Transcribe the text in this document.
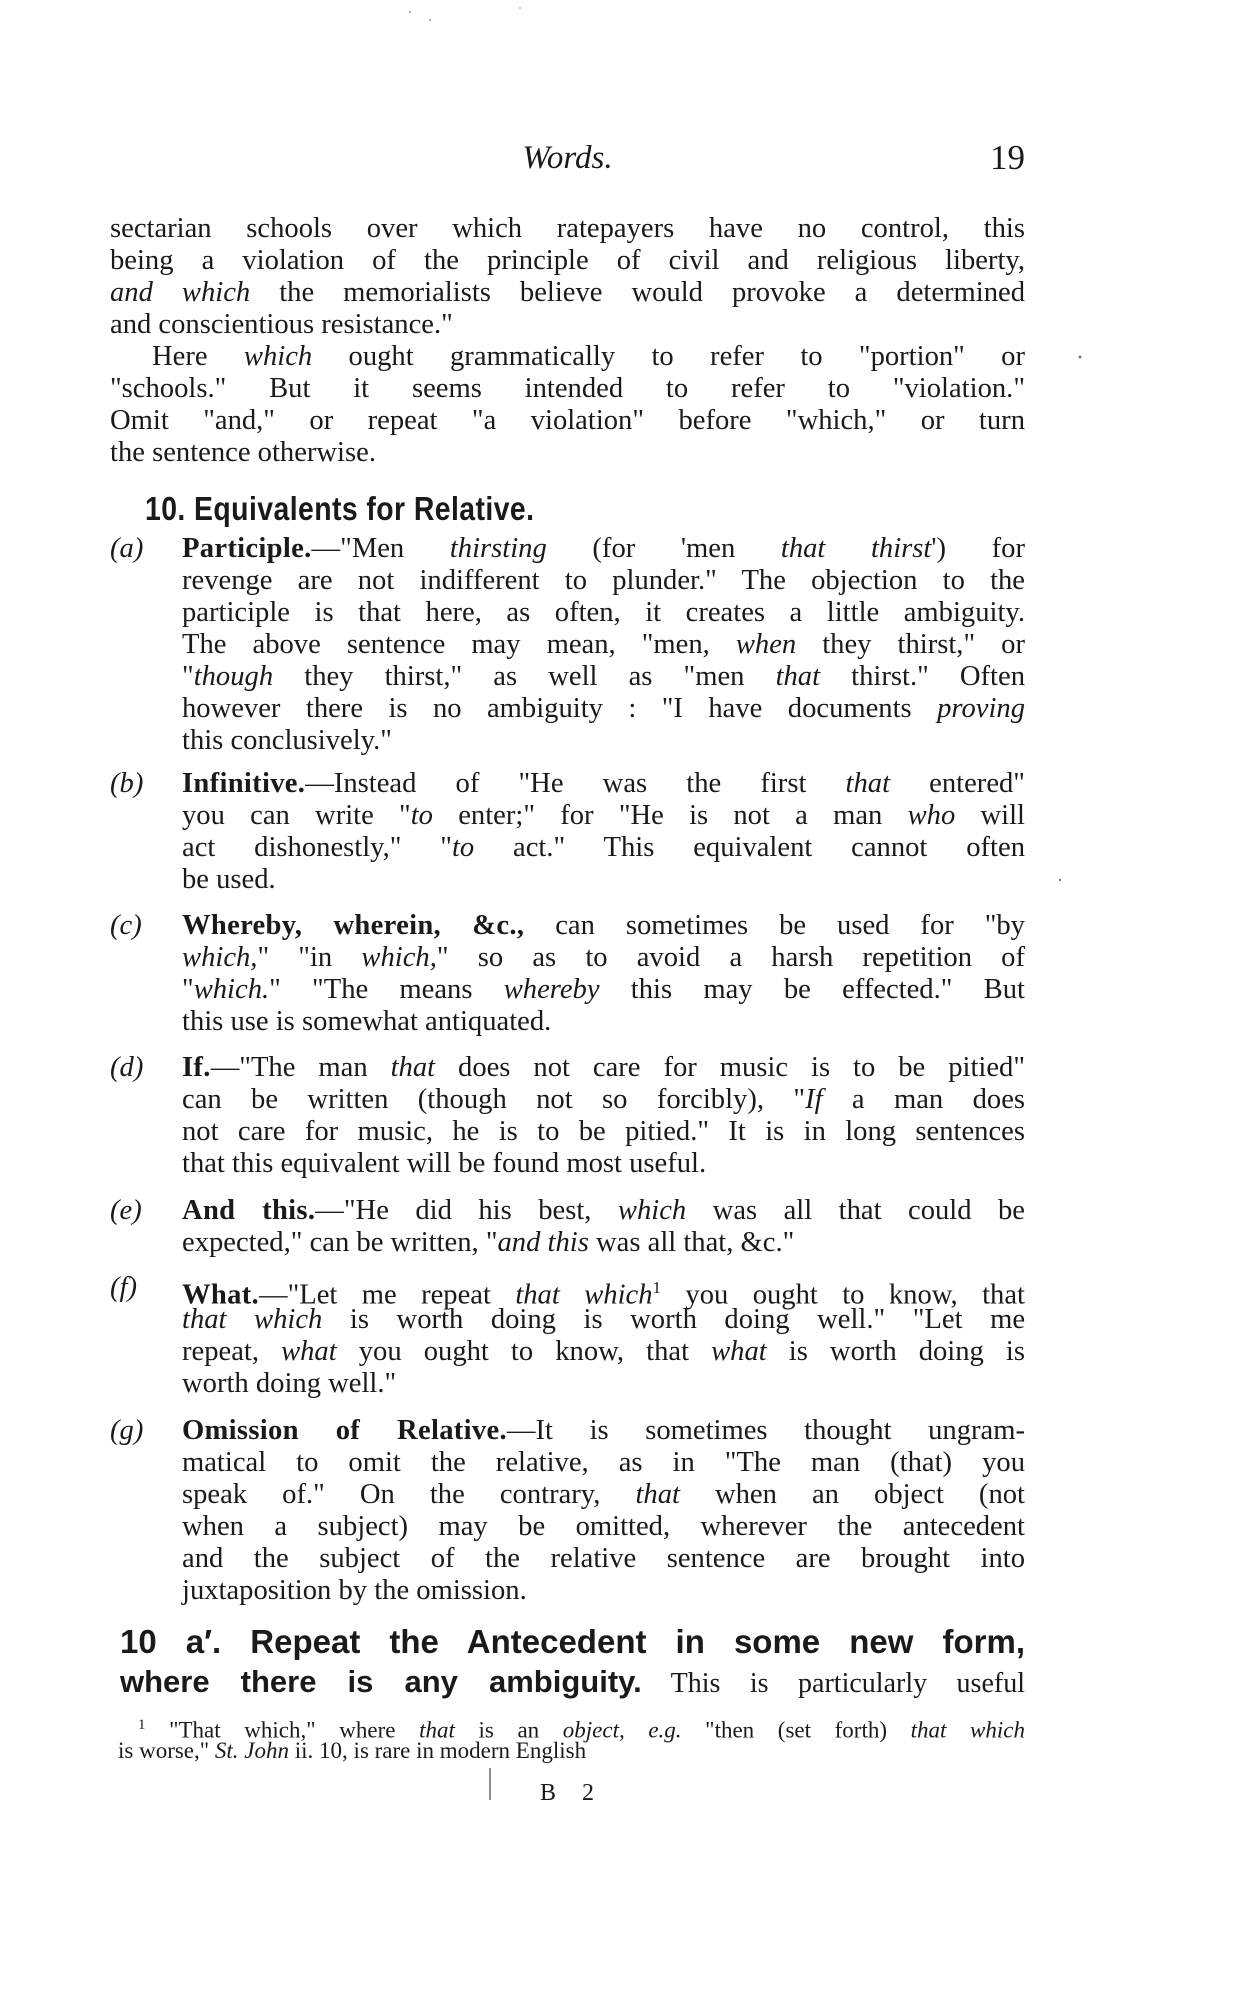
Words.	19
sectarian schools over which ratepayers have no control, this
being a violation of the principle of civil and religious liberty,
and which the memorialists believe would provoke a determined
and conscientious resistance."
Here which ought grammatically to refer to "portion" or
"schools." But it seems intended to refer to "violation."
Omit "and," or repeat "a violation" before "which," or turn
the sentence otherwise.
10. Equivalents for Relative.
(a)	Participle.—"Men thirsting (for 'men that thirst') for
revenge are not indifferent to plunder." The objection to the
participle is that here, as often, it creates a little ambiguity.
The above sentence may mean, "men, when they thirst," or
"though they thirst," as well as "men that thirst." Often
however there is no ambiguity : "I have documents proving
this conclusively."
(b)	Infinitive.—Instead of "He was the first that entered"
you can write "to enter;" for "He is not a man who will
act dishonestly," "to act." This equivalent cannot often
be used.
(c)	Whereby, wherein, &c., can sometimes be used for "by
which," "in which," so as to avoid a harsh repetition of
"which." "The means whereby this may be effected." But
this use is somewhat antiquated.
(d)	If.—"The man that does not care for music is to be pitied"
can be written (though not so forcibly), "If a man does
not care for music, he is to be pitied." It is in long sentences
that this equivalent will be found most useful.
(e)	And this.—"He did his best, which was all that could be
expected," can be written, "and this was all that, &c."
(f)	What.—"Let me repeat that which$^1$ you ought to know, that
that which is worth doing is worth doing well." "Let me
repeat, what you ought to know, that what is worth doing is
worth doing well."
(g)	Omission of Relative.—It is sometimes thought ungram-
matical to omit the relative, as in "The man (that) you
speak of." On the contrary, that when an object (not
when a subject) may be omitted, wherever the antecedent
and the subject of the relative sentence are brought into
juxtaposition by the omission.
10 a′. Repeat the Antecedent in some new form,
where there is any ambiguity. This is particularly useful
$^1$ "That which," where that is an object, e.g. "then (set forth) that which
is worse," St. John ii. 10, is rare in modern English
B 2
